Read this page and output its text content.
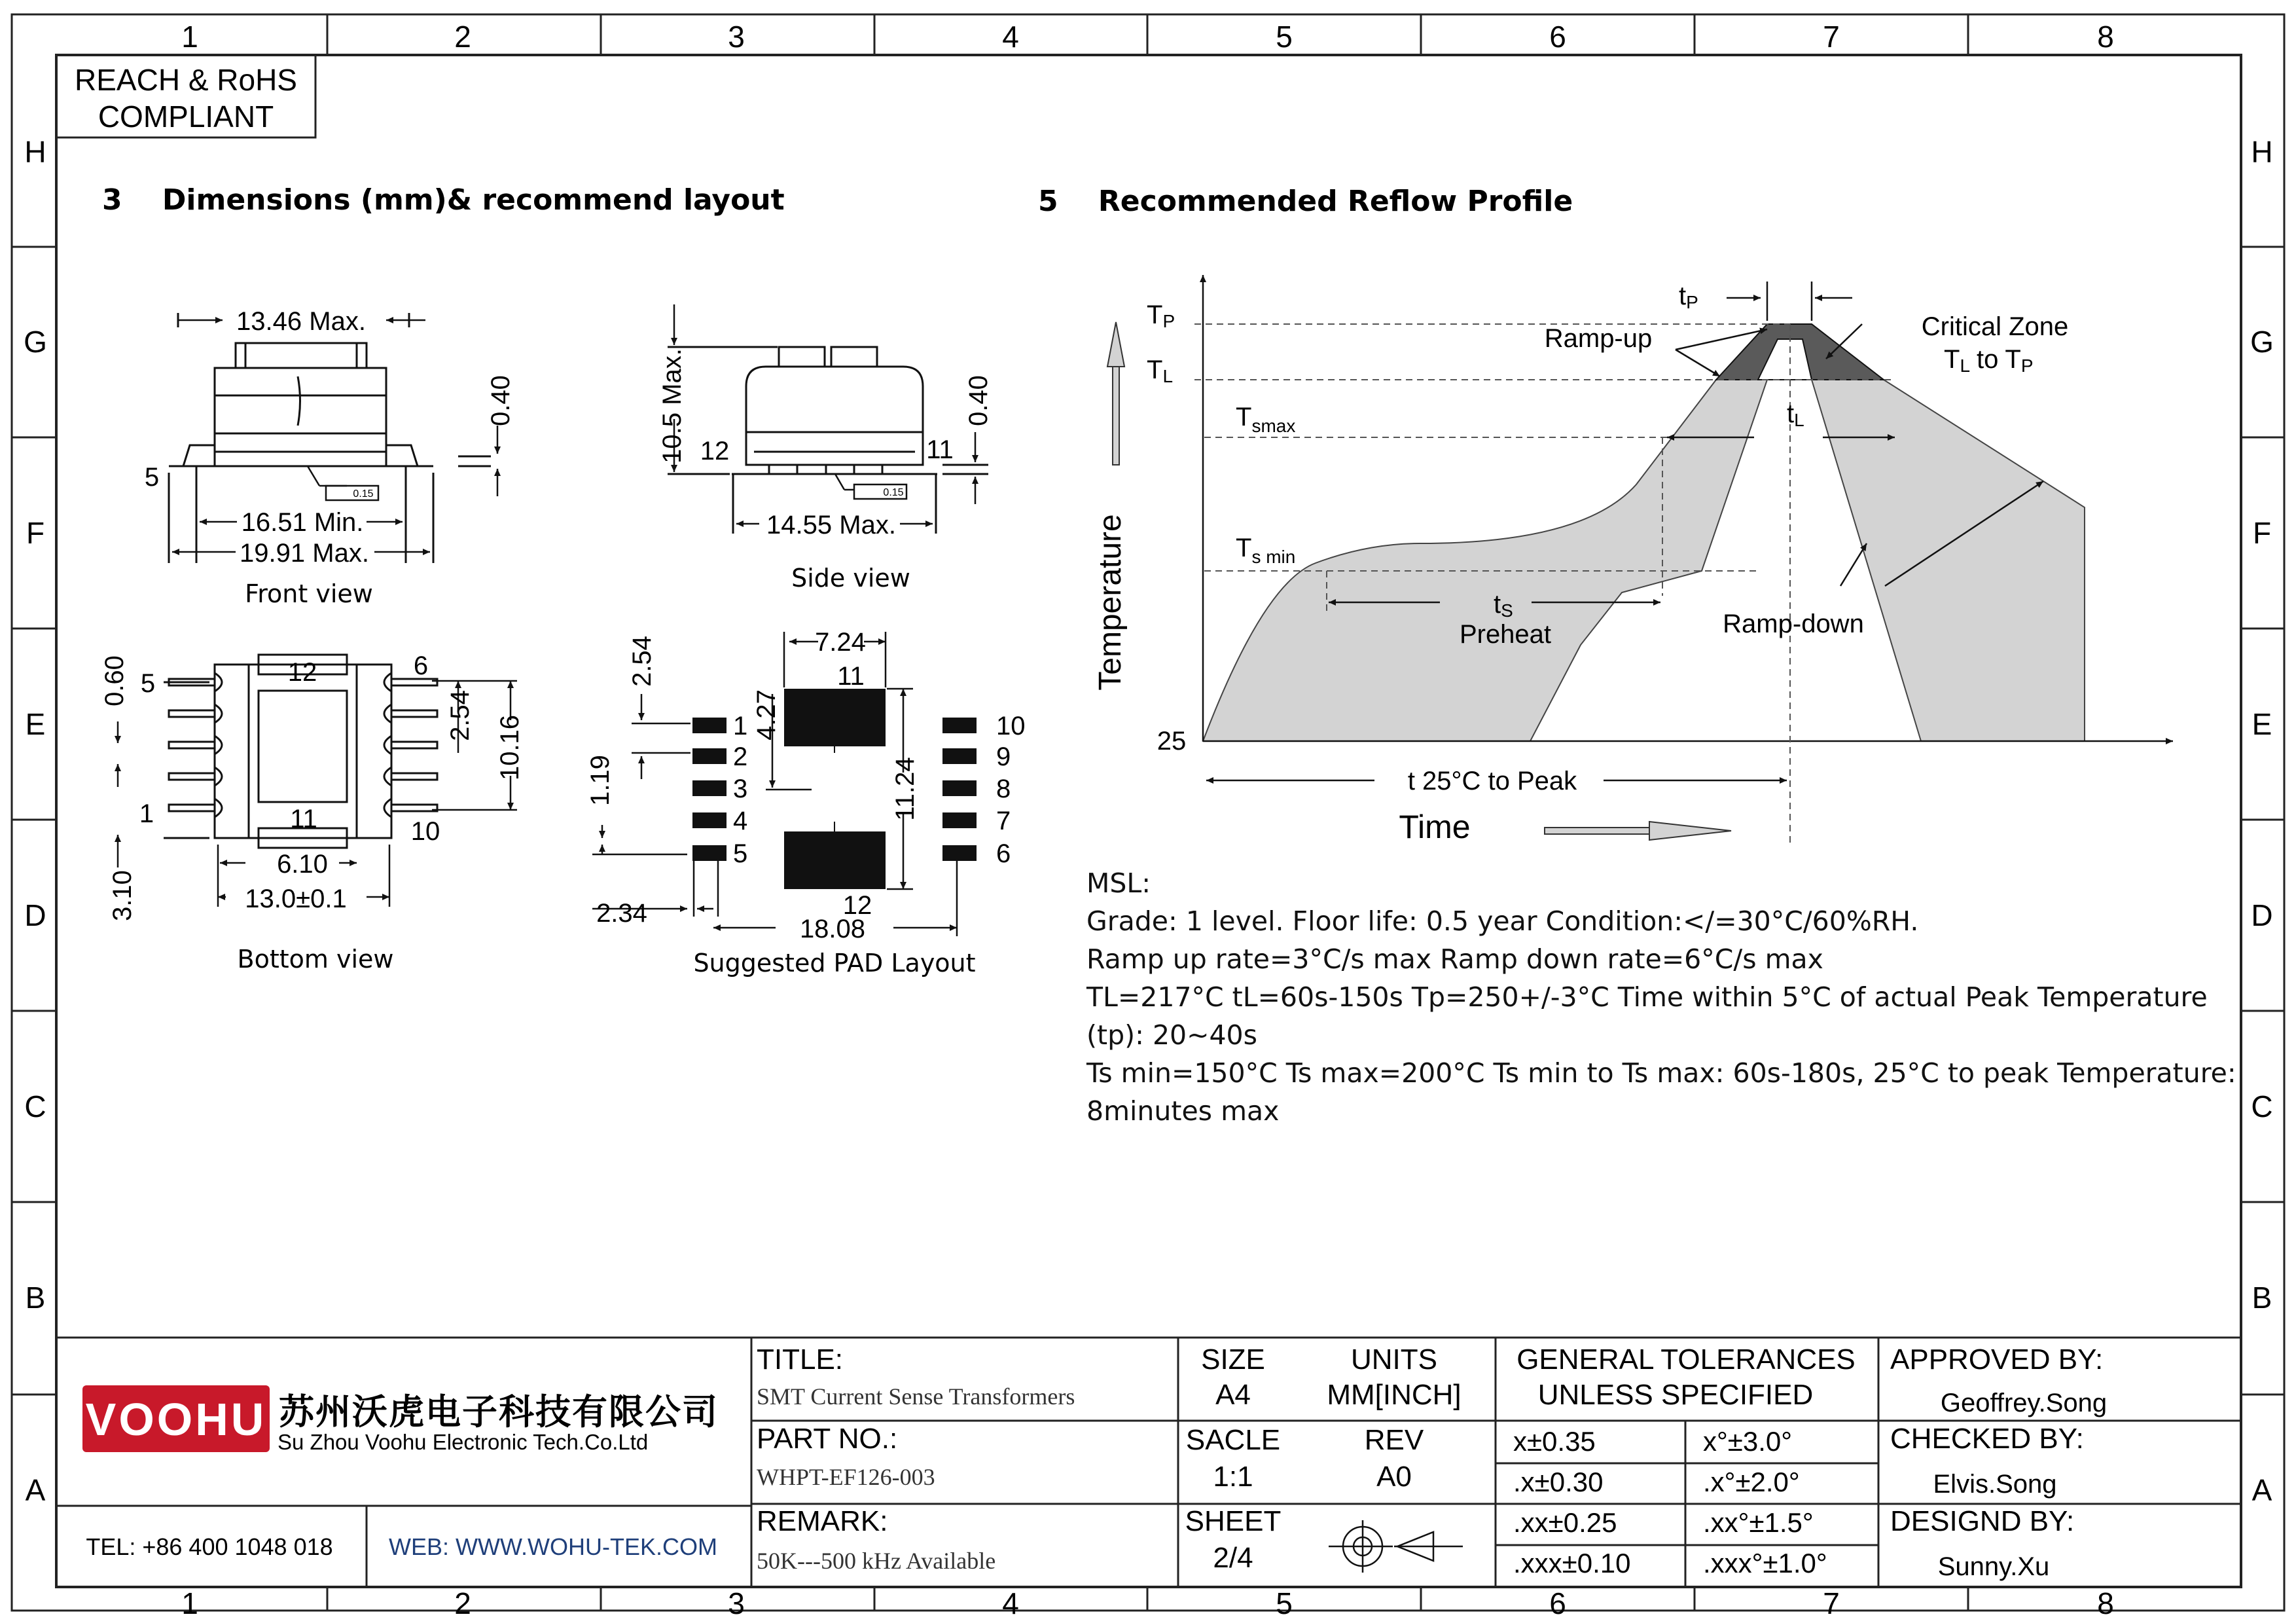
1	2	3	4	5	6	7	8
1	2	3	4	5	6	7	8
H
G
F
E
D
C
B
A
H
G
F
E
D
C
B
A
REACH & RoHS
COMPLIANT
3    Dimensions (mm)& recommend layout	5    Recommended Reflow Profile
13.46 Max.
16.51 Min.
19.91 Max.
5
0.15
0.40
Front view
10.5 Max.
14.55 Max.
12	11
0.15
0.40
Side view
5
6
12
1	11	10
0.60
2.54 10.16
3.10
6.10
13.0±0.1
Bottom view
7.24
2.54
4.27
1.19	11.24
2.34
18.08
11
12
1
2
3
4
5
10
9
8
7
6
Suggested PAD Layout
TP
TL
$T_{smax}$
$T_{s min}$
25
tP
tL
tS
Ramp-up	Critical Zone
TL to TP
Preheat	Ramp-down
t 25°C to Peak
Temperature
Time
VOOHU 苏州沃虎电子科技有限公司
Su Zhou Voohu Electronic Tech.Co.Ltd
TEL: +86 400 1048 018 WEB: WWW.WOHU-TEK.COM
TITLE:
SMT Current Sense Transformers
PART NO.:
WHPT-EF126-003
REMARK:
50K---500 kHz Available
SIZE
A4
UNITS
MM[INCH]
SACLE
1:1
REV
A0
SHEET
2/4
GENERAL TOLERANCES
UNLESS SPECIFIED
x±0.35	x°±3.0°
.x±0.30	.x°±2.0°
.xx±0.25	.xx°±1.5°
.xxx±0.10	.xxx°±1.0°
APPROVED BY:
Geoffrey.Song
CHECKED BY:
Elvis.Song
DESIGND BY:
Sunny.Xu
MSL:
Grade: 1 level. Floor life: 0.5 year Condition:</=30°C/60%RH.
Ramp up rate=3°C/s max Ramp down rate=6°C/s max
TL=217°C tL=60s-150s Tp=250+/-3°C Time within 5°C of actual Peak Temperature
(tp): 20~40s
Ts min=150°C Ts max=200°C Ts min to Ts max: 60s-180s, 25°C to peak Temperature:
8minutes max
